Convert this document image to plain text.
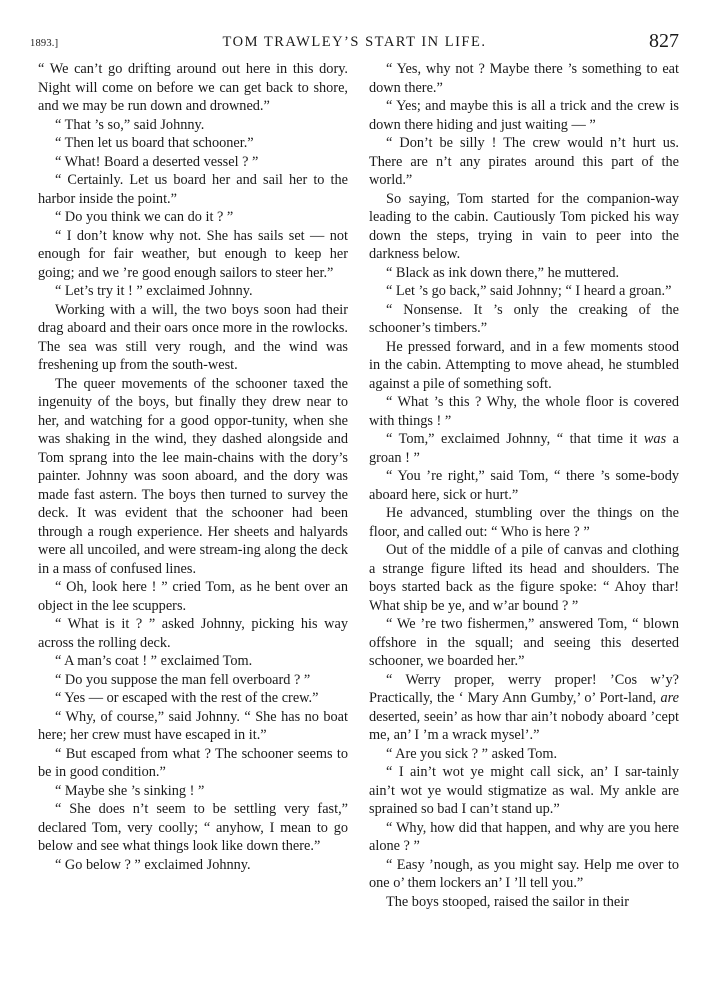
1893.]	TOM TRAWLEY’S START IN LIFE.	827

“ We can’t go drifting around out here in this dory. Night will come on before we can get back to shore, and we may be run down and drowned.”

“ That ’s so,” said Johnny.

“ Then let us board that schooner.”

“ What! Board a deserted vessel ? ”

“ Certainly. Let us board her and sail her to the harbor inside the point.”

“ Do you think we can do it ? ”

“ I don’t know why not. She has sails set — not enough for fair weather, but enough to keep her going; and we ’re good enough sailors to steer her.”

“ Let’s try it ! ” exclaimed Johnny.

Working with a will, the two boys soon had their drag aboard and their oars once more in the rowlocks. The sea was still very rough, and the wind was freshening up from the south-west.

The queer movements of the schooner taxed the ingenuity of the boys, but finally they drew near to her, and watching for a good oppor-tunity, when she was shaking in the wind, they dashed alongside and Tom sprang into the lee main-chains with the dory’s painter. Johnny was soon aboard, and the dory was made fast astern. The boys then turned to survey the deck. It was evident that the schooner had been through a rough experience. Her sheets and halyards were all uncoiled, and were stream-ing along the deck in a mass of confused lines.

“ Oh, look here ! ” cried Tom, as he bent over an object in the lee scuppers.

“ What is it ? ” asked Johnny, picking his way across the rolling deck.

“ A man’s coat ! ” exclaimed Tom.

“ Do you suppose the man fell overboard ? ”

“ Yes — or escaped with the rest of the crew.”

“ Why, of course,” said Johnny. “ She has no boat here; her crew must have escaped in it.”

“ But escaped from what ? The schooner seems to be in good condition.”

“ Maybe she ’s sinking ! ”

“ She does n’t seem to be settling very fast,” declared Tom, very coolly; “ anyhow, I mean to go below and see what things look like down there.”

“ Go below ? ” exclaimed Johnny.

“ Yes, why not ? Maybe there ’s something to eat down there.”

“ Yes; and maybe this is all a trick and the crew is down there hiding and just waiting — ”

“ Don’t be silly ! The crew would n’t hurt us. There are n’t any pirates around this part of the world.”

So saying, Tom started for the companion-way leading to the cabin. Cautiously Tom picked his way down the steps, trying in vain to peer into the darkness below.

“ Black as ink down there,” he muttered.

“ Let ’s go back,” said Johnny; “ I heard a groan.”

“ Nonsense. It ’s only the creaking of the schooner’s timbers.”

He pressed forward, and in a few moments stood in the cabin. Attempting to move ahead, he stumbled against a pile of something soft.

“ What ’s this ? Why, the whole floor is covered with things ! ”

“ Tom,” exclaimed Johnny, “ that time it was a groan ! ”

“ You ’re right,” said Tom, “ there ’s some-body aboard here, sick or hurt.”

He advanced, stumbling over the things on the floor, and called out: “ Who is here ? ”

Out of the middle of a pile of canvas and clothing a strange figure lifted its head and shoulders. The boys started back as the figure spoke: “ Ahoy thar! What ship be ye, and w’ar bound ? ”

“ We ’re two fishermen,” answered Tom, “ blown offshore in the squall; and seeing this deserted schooner, we boarded her.”

“ Werry proper, werry proper! ’Cos w’y? Practically, the ‘ Mary Ann Gumby,’ o’ Port-land, are deserted, seein’ as how thar ain’t nobody aboard ’cept me, an’ I ’m a wrack mysel’.”

“ Are you sick ? ” asked Tom.

“ I ain’t wot ye might call sick, an’ I sar-tainly ain’t wot ye would stigmatize as wal. My ankle are sprained so bad I can’t stand up.”

“ Why, how did that happen, and why are you here alone ? ”

“ Easy ’nough, as you might say. Help me over to one o’ them lockers an’ I ’ll tell you.”

The boys stooped, raised the sailor in their
